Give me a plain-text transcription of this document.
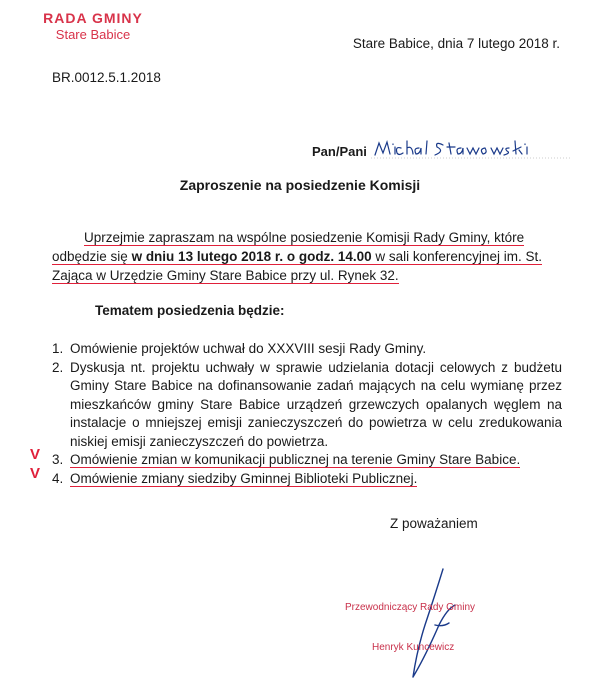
RADA GMINY
Stare Babice
Stare Babice, dnia 7 lutego 2018 r.
BR.0012.5.1.2018
Pan/Pani
Zaproszenie na posiedzenie Komisji
Uprzejmie zapraszam na wspólne posiedzenie Komisji Rady Gminy, które
odbędzie się w dniu 13 lutego 2018 r. o godz. 14.00 w sali konferencyjnej im. St.
Zająca w Urzędzie Gminy Stare Babice przy ul. Rynek 32.
Tematem posiedzenia będzie:
1. Omówienie projektów uchwał do XXXVIII sesji Rady Gminy.
2. Dyskusja nt. projektu uchwały w sprawie udzielania dotacji celowych z budżetu Gminy Stare Babice na dofinansowanie zadań mających na celu wymianę przez mieszkańców gminy Stare Babice urządzeń grzewczych opalanych węglem na instalacje o mniejszej emisji zanieczyszczeń do powietrza w celu zredukowania niskiej emisji zanieczyszczeń do powietrza.
3. Omówienie zmian w komunikacji publicznej na terenie Gminy Stare Babice.
4. Omówienie zmiany siedziby Gminnej Biblioteki Publicznej.
V
V
Z poważaniem
Przewodniczący Rady Gminy
Henryk Kuncewicz
